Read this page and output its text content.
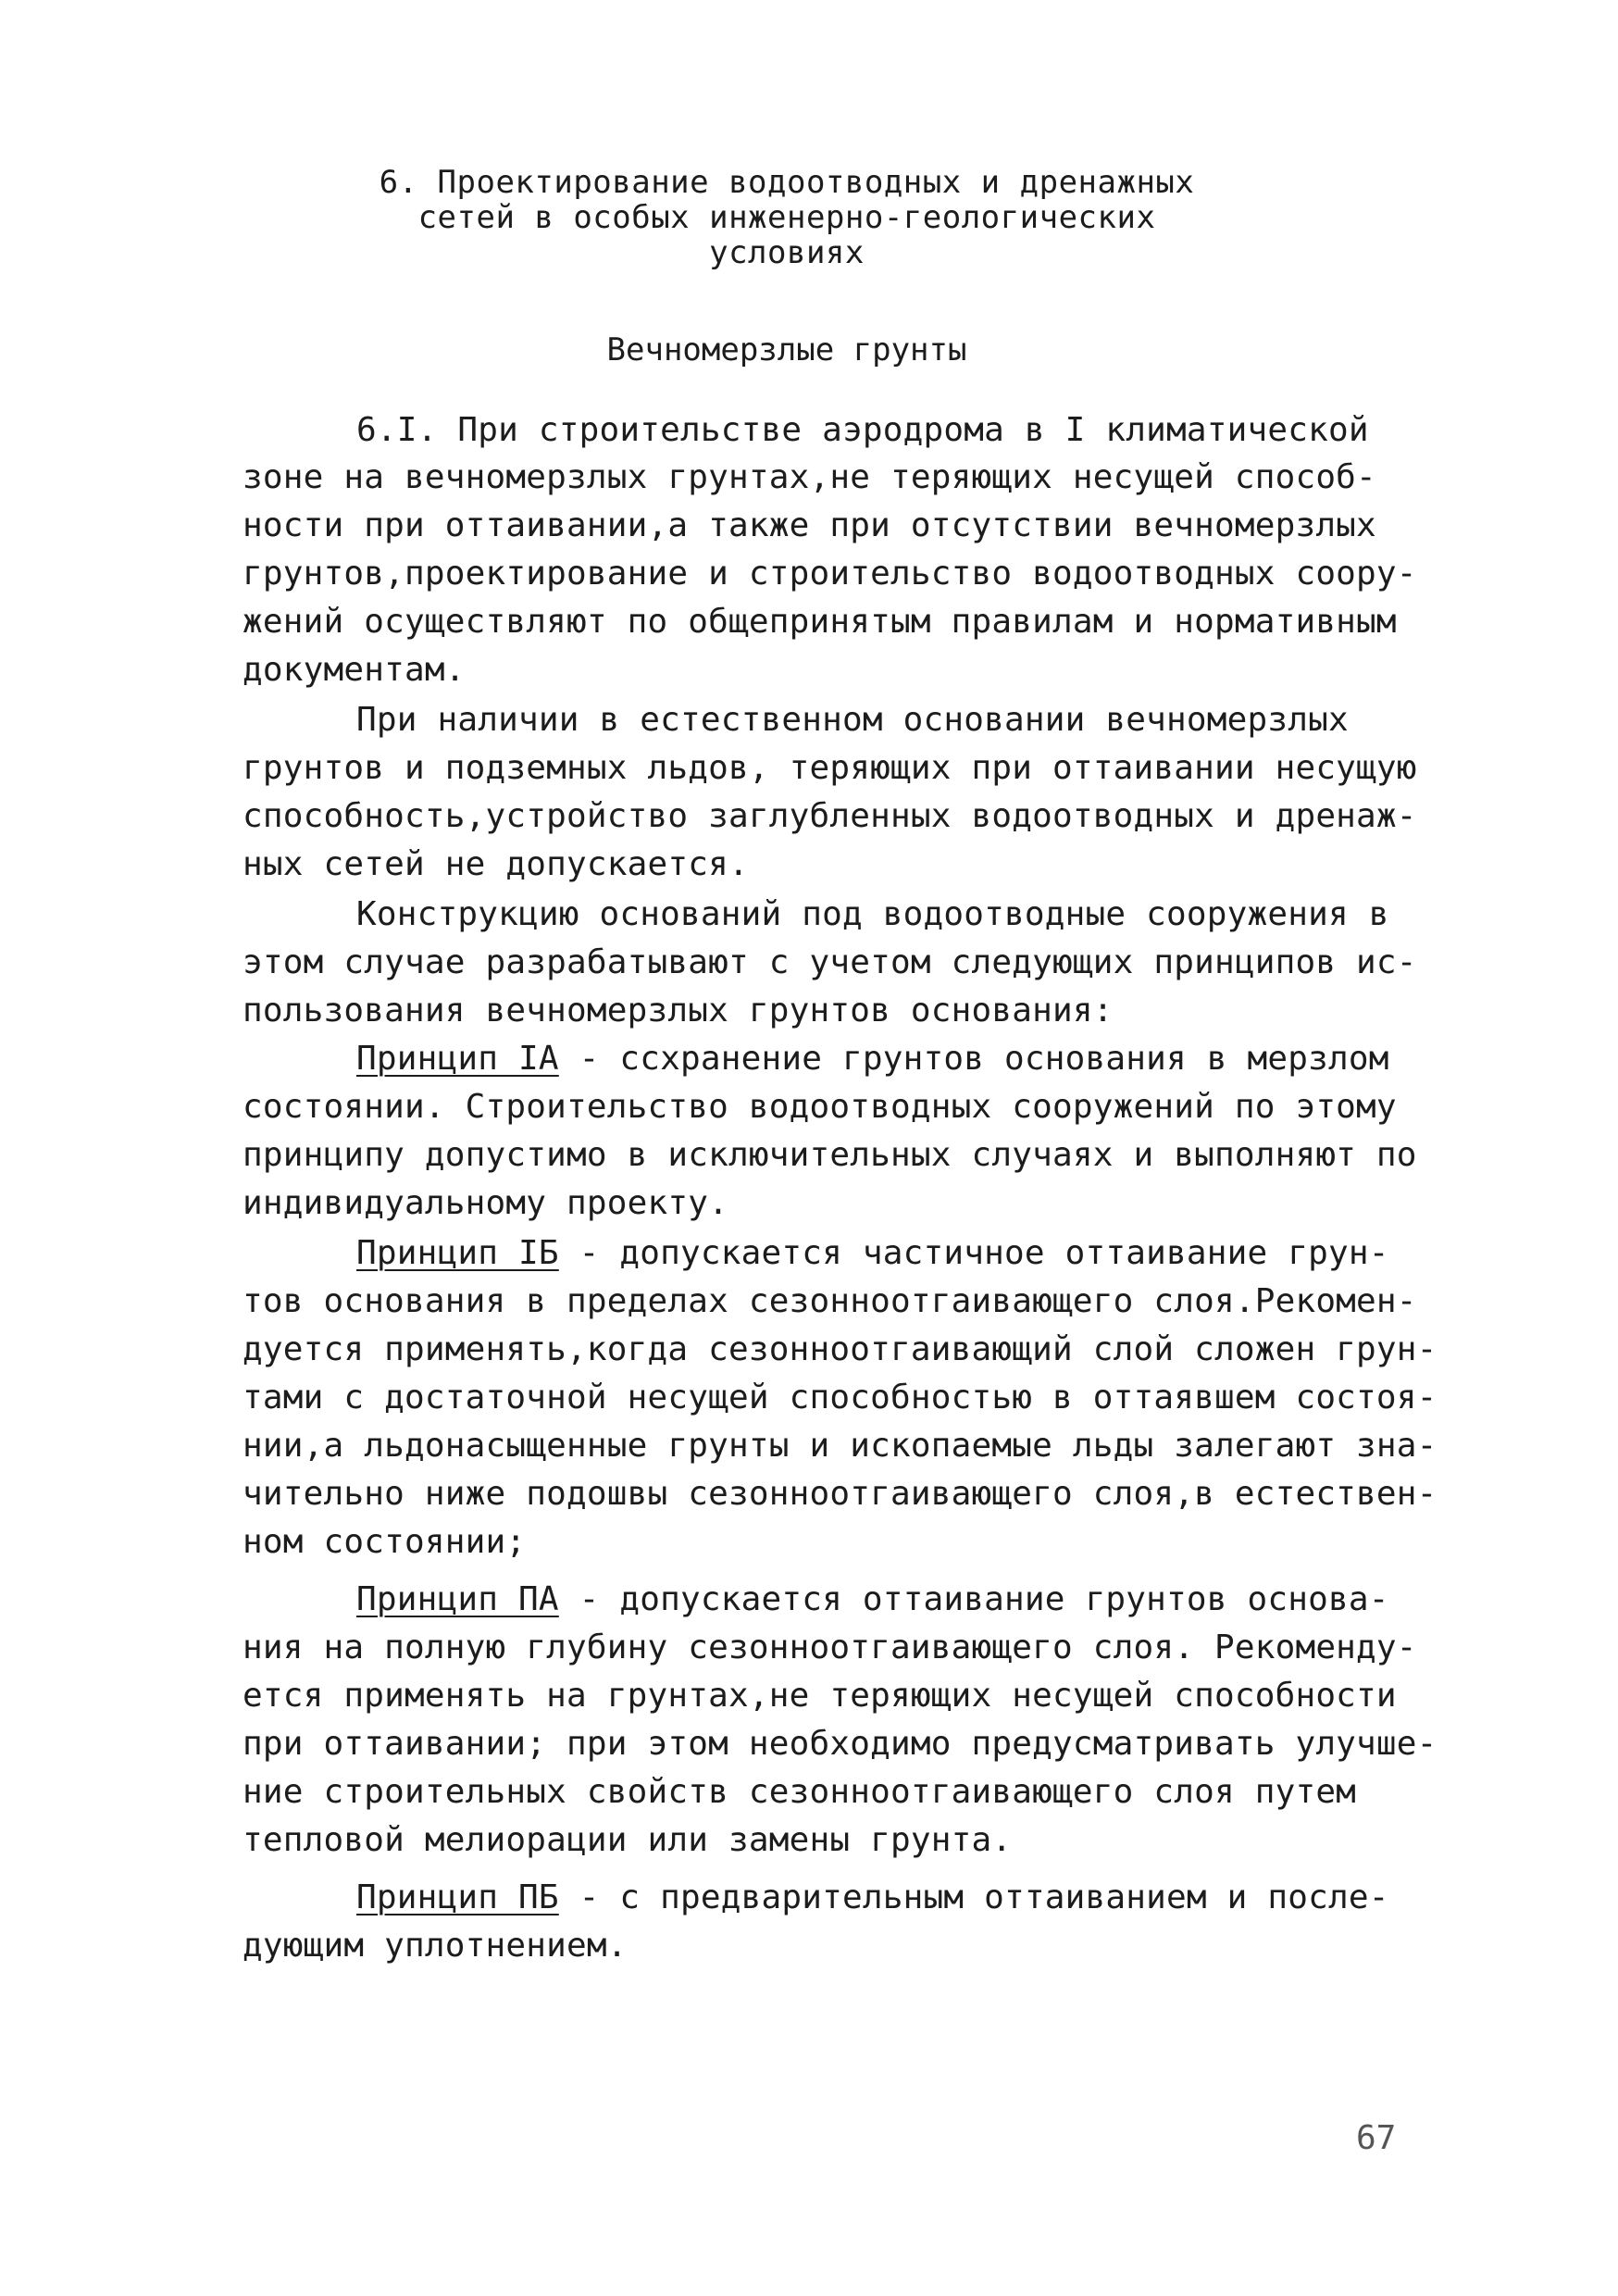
6. Проектирование водоотводных и дренажных
сетей в особых инженерно-геологических
условиях
Вечномерзлые грунты
6.I. При строительстве аэродрома в I климатической
зоне на вечномерзлых грунтах,не теряющих несущей способ-
ности при оттаивании,а также при отсутствии вечномерзлых
грунтов,проектирование и строительство водоотводных соору-
жений осуществляют по общепринятым правилам и нормативным
документам.
При наличии в естественном основании вечномерзлых
грунтов и подземных льдов, теряющих при оттаивании несущую
способность,устройство заглубленных водоотводных и дренаж-
ных сетей не допускается.
Конструкцию оснований под водоотводные сооружения в
этом случае разрабатывают с учетом следующих принципов ис-
пользования вечномерзлых грунтов основания:
Принцип IA - ссхранение грунтов основания в мерзлом
состоянии. Строительство водоотводных сооружений по этому
принципу допустимо в исключительных случаях и выполняют по
индивидуальному проекту.
Принцип IБ - допускается частичное оттаивание грун-
тов основания в пределах сезонноотгаивающего слоя.Рекомен-
дуется применять,когда сезонноотгаивающий слой сложен грун-
тами с достаточной несущей способностью в оттаявшем состоя-
нии,а льдонасыщенные грунты и ископаемые льды залегают зна-
чительно ниже подошвы сезонноотгаивающего слоя,в естествен-
ном состоянии;
Принцип ПА - допускается оттаивание грунтов основа-
ния на полную глубину сезонноотгаивающего слоя. Рекоменду-
ется применять на грунтах,не теряющих несущей способности
при оттаивании; при этом необходимо предусматривать улучше-
ние строительных свойств сезонноотгаивающего слоя путем
тепловой мелиорации или замены грунта.
Принцип ПБ - с предварительным оттаиванием и после-
дующим уплотнением.
67
